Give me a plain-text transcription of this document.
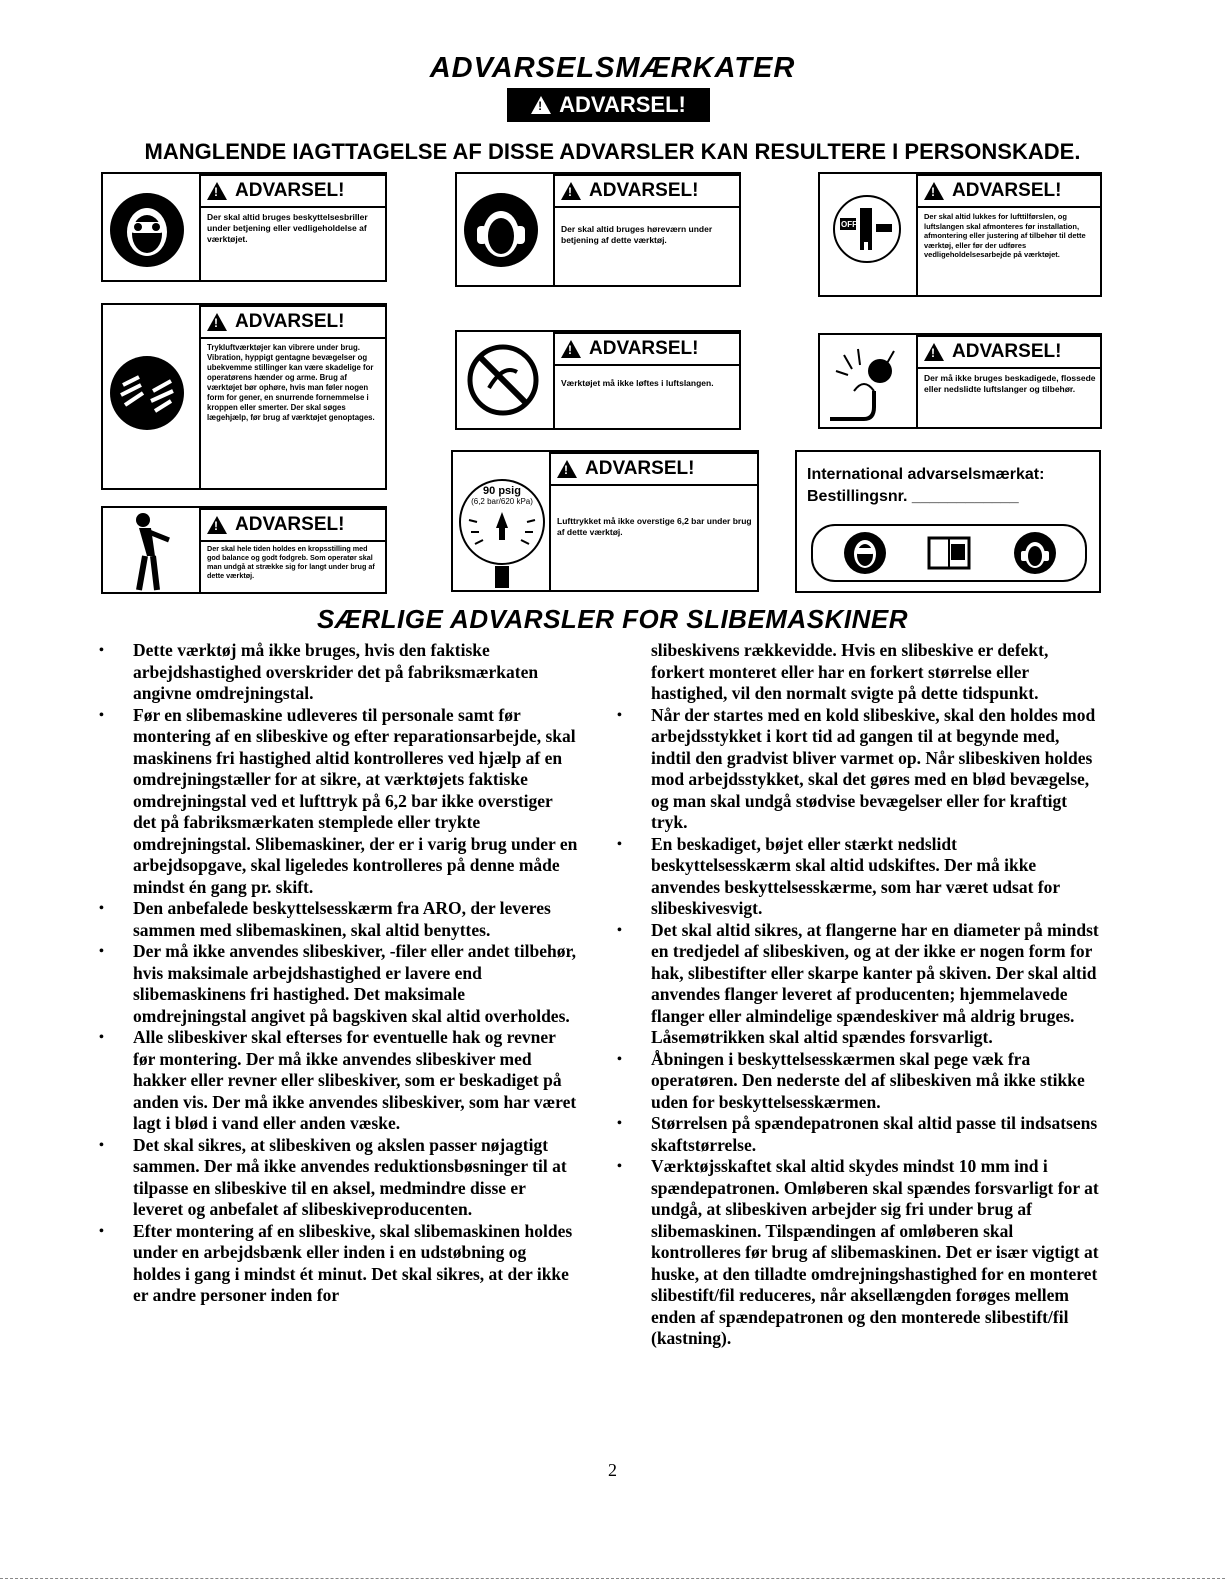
ADVARSELSMÆRKATER
!
ADVARSEL!
MANGLENDE IAGTTAGELSE AF DISSE ADVARSLER KAN RESULTERE I PERSONSKADE.
!
ADVARSEL!
Der skal altid bruges beskyttelsesbriller under betjening eller vedligeholdelse af værktøjet.
!
ADVARSEL!
Der skal altid bruges høreværn under betjening af dette værktøj.
OFF
!
ADVARSEL!
Der skal altid lukkes for lufttilførslen, og luftslangen skal afmonteres før installation, afmontering eller justering af tilbehør til dette værktøj, eller før der udføres vedligeholdelsesarbejde på værktøjet.
!
ADVARSEL!
Trykluftværktøjer kan vibrere under brug. Vibration, hyppigt gentagne bevægelser og ubekvemme stillinger kan være skadelige for operatørens hænder og arme. Brug af værktøjet bør ophøre, hvis man føler nogen form for gener, en snurrende fornemmelse i kroppen eller smerter. Der skal søges lægehjælp, før brug af værktøjet genoptages.
!
ADVARSEL!
Værktøjet må ikke løftes i luftslangen.
!
ADVARSEL!
Der må ikke bruges beskadigede, flossede eller nedslidte luftslanger og tilbehør.
90 psig
(6,2 bar/620 kPa)
!
ADVARSEL!
Lufttrykket må ikke overstige 6,2 bar under brug af dette værktøj.
!
ADVARSEL!
Der skal hele tiden holdes en kropsstilling med god balance og godt fodgreb. Som operatør skal man undgå at strække sig for langt under brug af dette værktøj.
International advarselsmærkat:
Bestillingsnr. ____________
SÆRLIGE ADVARSLER FOR SLIBEMASKINER
• Dette værktøj må ikke bruges, hvis den faktiske arbejdshastighed overskrider det på fabriksmærkaten angivne omdrejningstal.
• Før en slibemaskine udleveres til personale samt før montering af en slibeskive og efter reparationsarbejde, skal maskinens fri hastighed altid kontrolleres ved hjælp af en omdrejningstæller for at sikre, at værktøjets faktiske omdrejningstal ved et lufttryk på 6,2 bar ikke overstiger det på fabriksmærkaten stemplede eller trykte omdrejningstal. Slibemaskiner, der er i varig brug under en arbejdsopgave, skal ligeledes kontrolleres på denne måde mindst én gang pr. skift.
• Den anbefalede beskyttelsesskærm fra ARO, der leveres sammen med slibemaskinen, skal altid benyttes.
• Der må ikke anvendes slibeskiver, -filer eller andet tilbehør, hvis maksimale arbejdshastighed er lavere end slibemaskinens fri hastighed. Det maksimale omdrejningstal angivet på bagskiven skal altid overholdes.
• Alle slibeskiver skal efterses for eventuelle hak og revner før montering. Der må ikke anvendes slibeskiver med hakker eller revner eller slibeskiver, som er beskadiget på anden vis. Der må ikke anvendes slibeskiver, som har været lagt i blød i vand eller anden væske.
• Det skal sikres, at slibeskiven og akslen passer nøjagtigt sammen. Der må ikke anvendes reduktionsbøsninger til at tilpasse en slibeskive til en aksel, medmindre disse er leveret og anbefalet af slibeskiveproducenten.
• Efter montering af en slibeskive, skal slibemaskinen holdes under en arbejdsbænk eller inden i en udstøbning og holdes i gang i mindst ét minut. Det skal sikres, at der ikke er andre personer inden for

slibeskivens rækkevidde. Hvis en slibeskive er defekt, forkert monteret eller har en forkert størrelse eller hastighed, vil den normalt svigte på dette tidspunkt.

• Når der startes med en kold slibeskive, skal den holdes mod arbejdsstykket i kort tid ad gangen til at begynde med, indtil den gradvist bliver varmet op. Når slibeskiven holdes mod arbejdsstykket, skal det gøres med en blød bevægelse, og man skal undgå stødvise bevægelser eller for kraftigt tryk.
• En beskadiget, bøjet eller stærkt nedslidt beskyttelsesskærm skal altid udskiftes. Der må ikke anvendes beskyttelsesskærme, som har været udsat for slibeskivesvigt.
• Det skal altid sikres, at flangerne har en diameter på mindst en tredjedel af slibeskiven, og at der ikke er nogen form for hak, slibestifter eller skarpe kanter på skiven. Der skal altid anvendes flanger leveret af producenten; hjemmelavede flanger eller almindelige spændeskiver må aldrig bruges. Låsemøtrikken skal altid spændes forsvarligt.
• Åbningen i beskyttelsesskærmen skal pege væk fra operatøren. Den nederste del af slibeskiven må ikke stikke uden for beskyttelsesskærmen.
• Størrelsen på spændepatronen skal altid passe til indsatsens skaftstørrelse.
• Værktøjsskaftet skal altid skydes mindst 10 mm ind i spændepatronen. Omløberen skal spændes forsvarligt for at undgå, at slibeskiven arbejder sig fri under brug af slibemaskinen. Tilspændingen af omløberen skal kontrolleres før brug af slibemaskinen. Det er især vigtigt at huske, at den tilladte omdrejningshastighed for en monteret slibestift/fil reduceres, når aksellængden forøges mellem enden af spændepatronen og den monterede slibestift/fil (kastning).
2
